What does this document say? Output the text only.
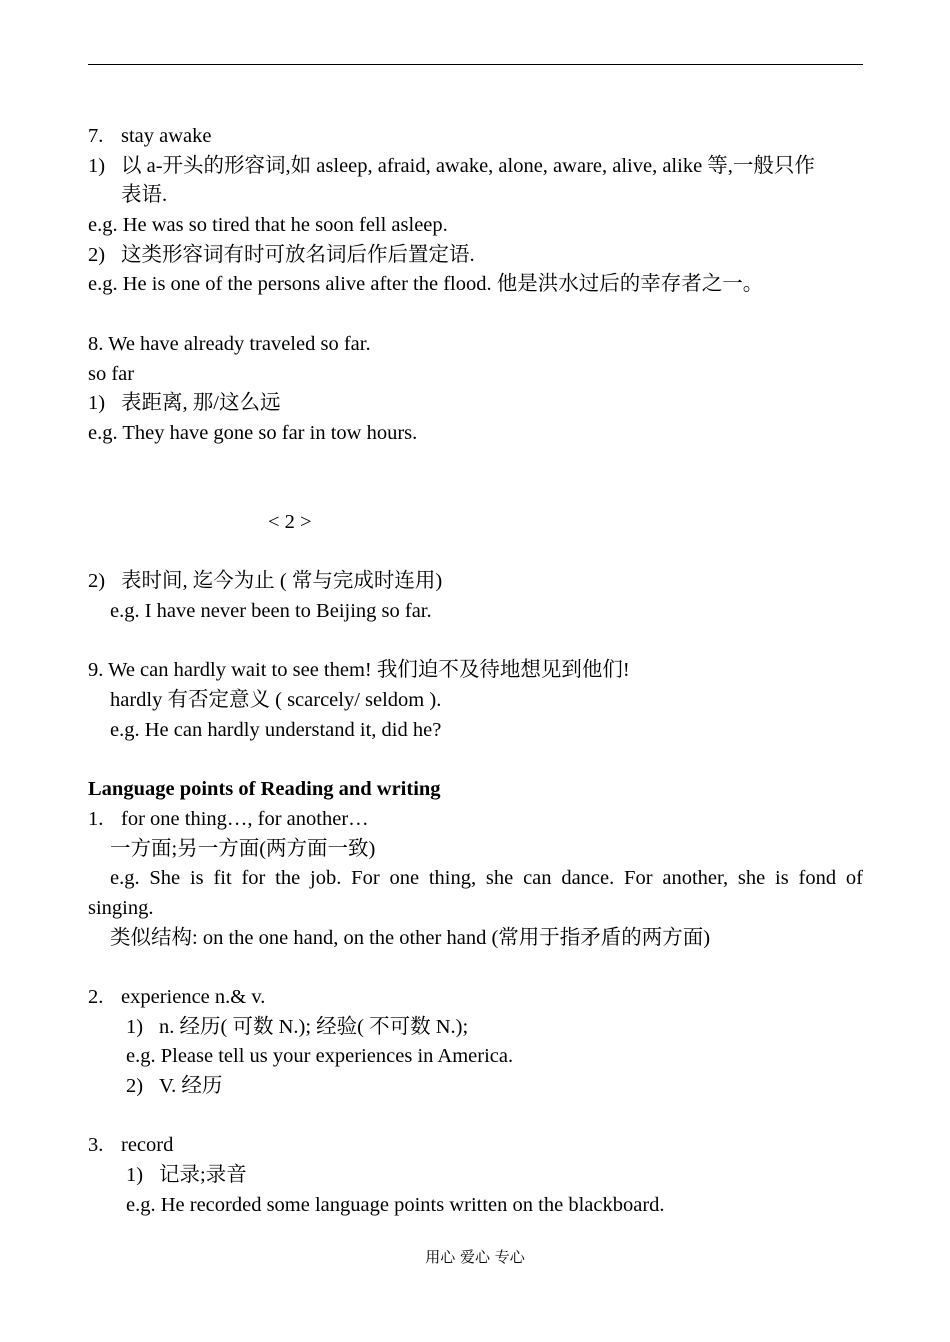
7. stay awake
1) 以 a-开头的形容词,如 asleep, afraid, awake, alone, aware, alive, alike 等,一般只作
表语.
e.g. He was so tired that he soon fell asleep.
2) 这类形容词有时可放名词后作后置定语.
e.g. He is one of the persons alive after the flood. 他是洪水过后的幸存者之一。
8. We have already traveled so far.
so far
1) 表距离, 那/这么远
e.g. They have gone so far in tow hours.
< 2 >
2) 表时间, 迄今为止 ( 常与完成时连用)
e.g. I have never been to Beijing so far.
9. We can hardly wait to see them! 我们迫不及待地想见到他们!
hardly 有否定意义 ( scarcely/ seldom ).
e.g. He can hardly understand it, did he?
Language points of Reading and writing
1. for one thing…, for another…
一方面;另一方面(两方面一致)
e.g. She is fit for the job. For one thing, she can dance. For another, she is fond of
singing.
类似结构: on the one hand, on the other hand (常用于指矛盾的两方面)
2. experience n.& v.
1) n. 经历( 可数 N.); 经验( 不可数 N.);
e.g. Please tell us your experiences in America.
2) V. 经历
3. record
1) 记录;录音
e.g. He recorded some language points written on the blackboard.
用心 爱心 专心
